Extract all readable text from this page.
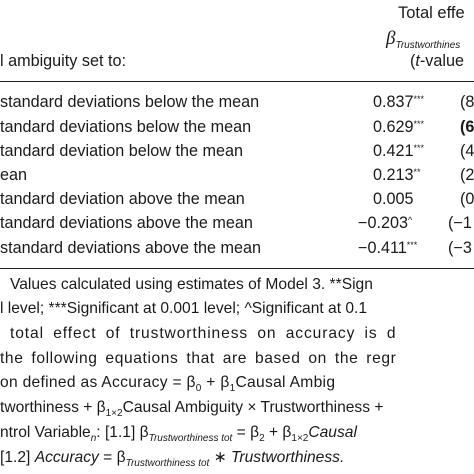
Total effe
$\beta_{Trustworthines}$
l ambiguity set to:	(t-value
standard deviations below the mean	0.837*** (8
tandard deviations below the mean	0.629*** (6
tandard deviation below the mean	0.421*** (4
ean	0.213** (2
tandard deviation above the mean	0.005	(0
tandard deviations above the mean	−0.203^ (−1
standard deviations above the mean	−0.411*** (−3
Values calculated using estimates of Model 3. **Sign
l level; ***Significant at 0.001 level; ^Significant at 0.1
total effect of trustworthiness on accuracy is d
the following equations that are based on the regr
on defined as Accuracy = $\beta_0$ + $\beta_1Causal$ Ambig
tworthiness + $\beta_{1\times 2}Causal$ Ambiguity × Trustworthiness +
ntrol Variable$_n$: [1.1] $\beta_{Trustworthiness tot} = \beta_2$ + $\beta_{1\times 2}Causal$
[1.2] Accuracy = $\beta_{Trustworthiness tot}$ ∗ Trustworthiness.
